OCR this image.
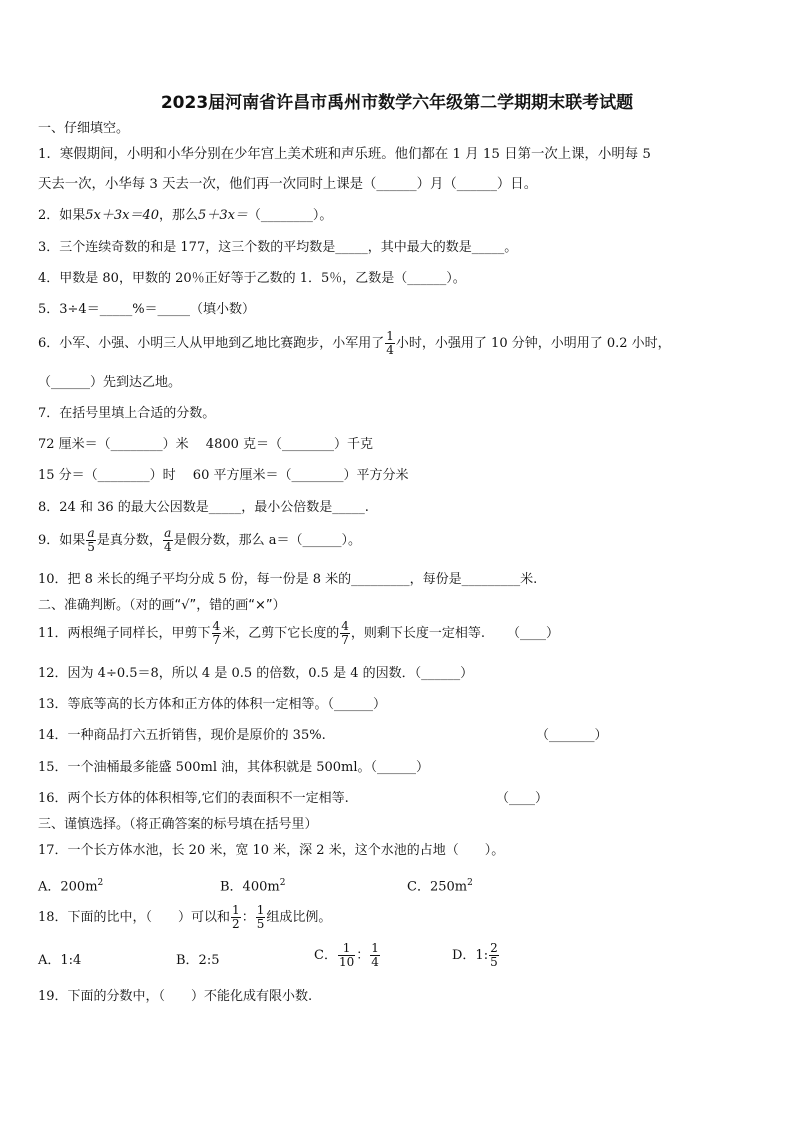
2023届河南省许昌市禹州市数学六年级第二学期期末联考试题
一、仔细填空。
1．寒假期间，小明和小华分别在少年宫上美术班和声乐班。他们都在 1 月 15 日第一次上课，小明每 5
天去一次，小华每 3 天去一次，他们再一次同时上课是（______）月（______）日。
2．如果5x＋3x＝40，那么5＋3x＝（________）。
3．三个连续奇数的和是 177，这三个数的平均数是_____，其中最大的数是_____。
4．甲数是 80，甲数的 20％正好等于乙数的 1．5％，乙数是（______）。
5．3÷4＝_____%＝_____（填小数）
6．小军、小强、小明三人从甲地到乙地比赛跑步，小军用了 $\frac{1}{4}$ 小时，小强用了 10 分钟，小明用了 0.2 小时，
（______）先到达乙地。
7．在括号里填上合适的分数。
72 厘米＝（________）米　 4800 克＝（________）千克
15 分＝（________）时　 60 平方厘米＝（________）平方分米
8．24 和 36 的最大公因数是_____，最小公倍数是_____.
9．如果 $\frac{a}{5}$ 是真分数， $\frac{a}{4}$ 是假分数，那么 a＝（______）。
10．把 8 米长的绳子平均分成 5 份，每一份是 8 米的_________，每份是_________米.
二、准确判断。（对的画“√”，错的画“×”）
11．两根绳子同样长，甲剪下 $\frac{4}{7}$ 米，乙剪下它长度的 $\frac{4}{7}$ ，则剩下长度一定相等. （____）
12．因为 4÷0.5＝8，所以 4 是 0.5 的倍数，0.5 是 4 的因数．（______）
13．等底等高的长方体和正方体的体积一定相等。（______）
14．一种商品打六五折销售，现价是原价的 35%.	（_______）
15．一个油桶最多能盛 500ml 油，其体积就是 500ml。（______）
16．两个长方体的体积相等,它们的表面积不一定相等.	（____）
三、谨慎选择。（将正确答案的标号填在括号里）
17．一个长方体水池，长 20 米，宽 10 米，深 2 米，这个水池的占地（　　）。
A．$200m^2$	B．$400m^2$	C．$250m^2$
18．下面的比中，（　　）可以和 $\frac{1}{2}$ ： $\frac{1}{5}$ 组成比例。
A．1:4	B．2:5	C． $\frac{1}{10}$ ： $\frac{1}{4}$	D．1: $\frac{2}{5}$
19．下面的分数中，（　　）不能化成有限小数.
